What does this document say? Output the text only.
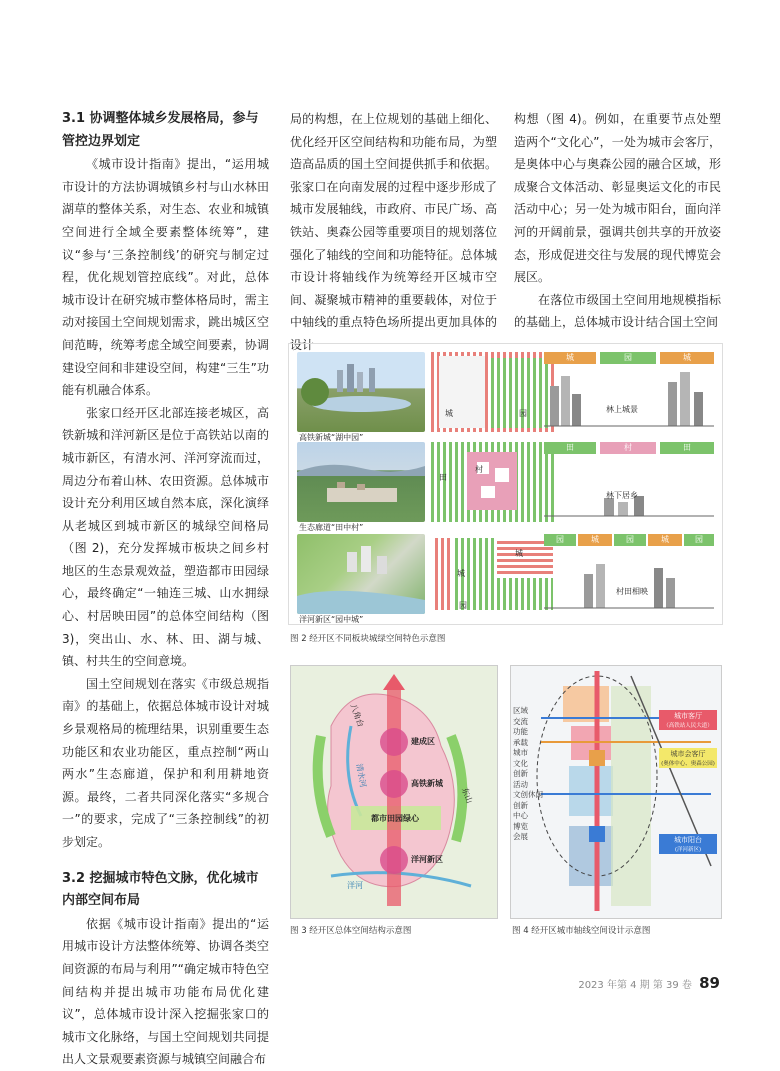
3.1 协调整体城乡发展格局，参与
管控边界划定

《城市设计指南》提出，“运用城市设计的方法协调城镇乡村与山水林田湖草的整体关系，对生态、农业和城镇空间进行全域全要素整体统筹”，建议“参与‘三条控制线’的研究与制定过程，优化规划管控底线”。对此，总体城市设计在研究城市整体格局时，需主动对接国土空间规划需求，跳出城区空间范畴，统筹考虑全域空间要素，协调建设空间和非建设空间，构建“三生”功能有机融合体系。

张家口经开区北部连接老城区，高铁新城和洋河新区是位于高铁站以南的城市新区，有清水河、洋河穿流而过，周边分布着山林、农田资源。总体城市设计充分利用区域自然本底，深化演绎从老城区到城市新区的城绿空间格局（图 2)，充分发挥城市板块之间乡村地区的生态景观效益，塑造都市田园绿心，最终确定“一轴连三城、山水拥绿心、村居映田园”的总体空间结构（图3)，突出山、水、林、田、湖与城、镇、村共生的空间意境。

国土空间规划在落实《市级总规指南》的基础上，依据总体城市设计对城乡景观格局的梳理结果，识别重要生态功能区和农业功能区，重点控制“两山两水”生态廊道，保护和利用耕地资源。最终，二者共同深化落实“多规合一”的要求，完成了“三条控制线”的初步划定。

3.2 挖掘城市特色文脉，优化城市
内部空间布局

依据《城市设计指南》提出的“运用城市设计方法整体统筹、协调各类空间资源的布局与利用”“确定城市特色空间结构并提出城市功能布局优化建议”，总体城市设计深入挖掘张家口的城市文化脉络，与国土空间规划共同提出人文景观要素资源与城镇空间融合布

局的构想，在上位规划的基础上细化、优化经开区空间结构和功能布局，为塑造高品质的国土空间提供抓手和依据。张家口在向南发展的过程中逐步形成了城市发展轴线，市政府、市民广场、高铁站、奥森公园等重要项目的规划落位强化了轴线的空间和功能特征。总体城市设计将轴线作为统筹经开区城市空间、凝聚城市精神的重要载体，对位于中轴线的重点特色场所提出更加具体的设计

构想（图 4)。例如，在重要节点处塑造两个“文化心”，一处为城市会客厅，是奥体中心与奥森公园的融合区域，形成聚合文体活动、彰显奥运文化的市民活动中心；另一处为城市阳台，面向洋河的开阔前景，强调共创共享的开放姿态，形成促进交往与发展的现代博览会展区。

在落位市级国土空间用地规模指标的基础上，总体城市设计结合国土空间

高铁新城“湖中园”
城	园
城	园	城
林上城景
生态廊道“田中村”
田
村
田	村	田
林下居乡
洋河新区“园中城”
城
城
园
园	城	园	城	园
村田相映
图 2 经开区不同板块城绿空间特色示意图
八角台
建成区
清水河	高铁新城
东山
都市田园绿心
洋河新区
洋河
图 3 经开区总体空间结构示意图
区域
交流
功能
承载
城市
文化
创新
活动
文创休闲
创新
中心
博览
会展
城市客厅
（高铁站人民大道）
城市会客厅
(奥体中心、奥森公园)
城市阳台
(洋河新区)
图 4 经开区城市轴线空间设计示意图
2023 年第 4 期 第 39 卷 89
